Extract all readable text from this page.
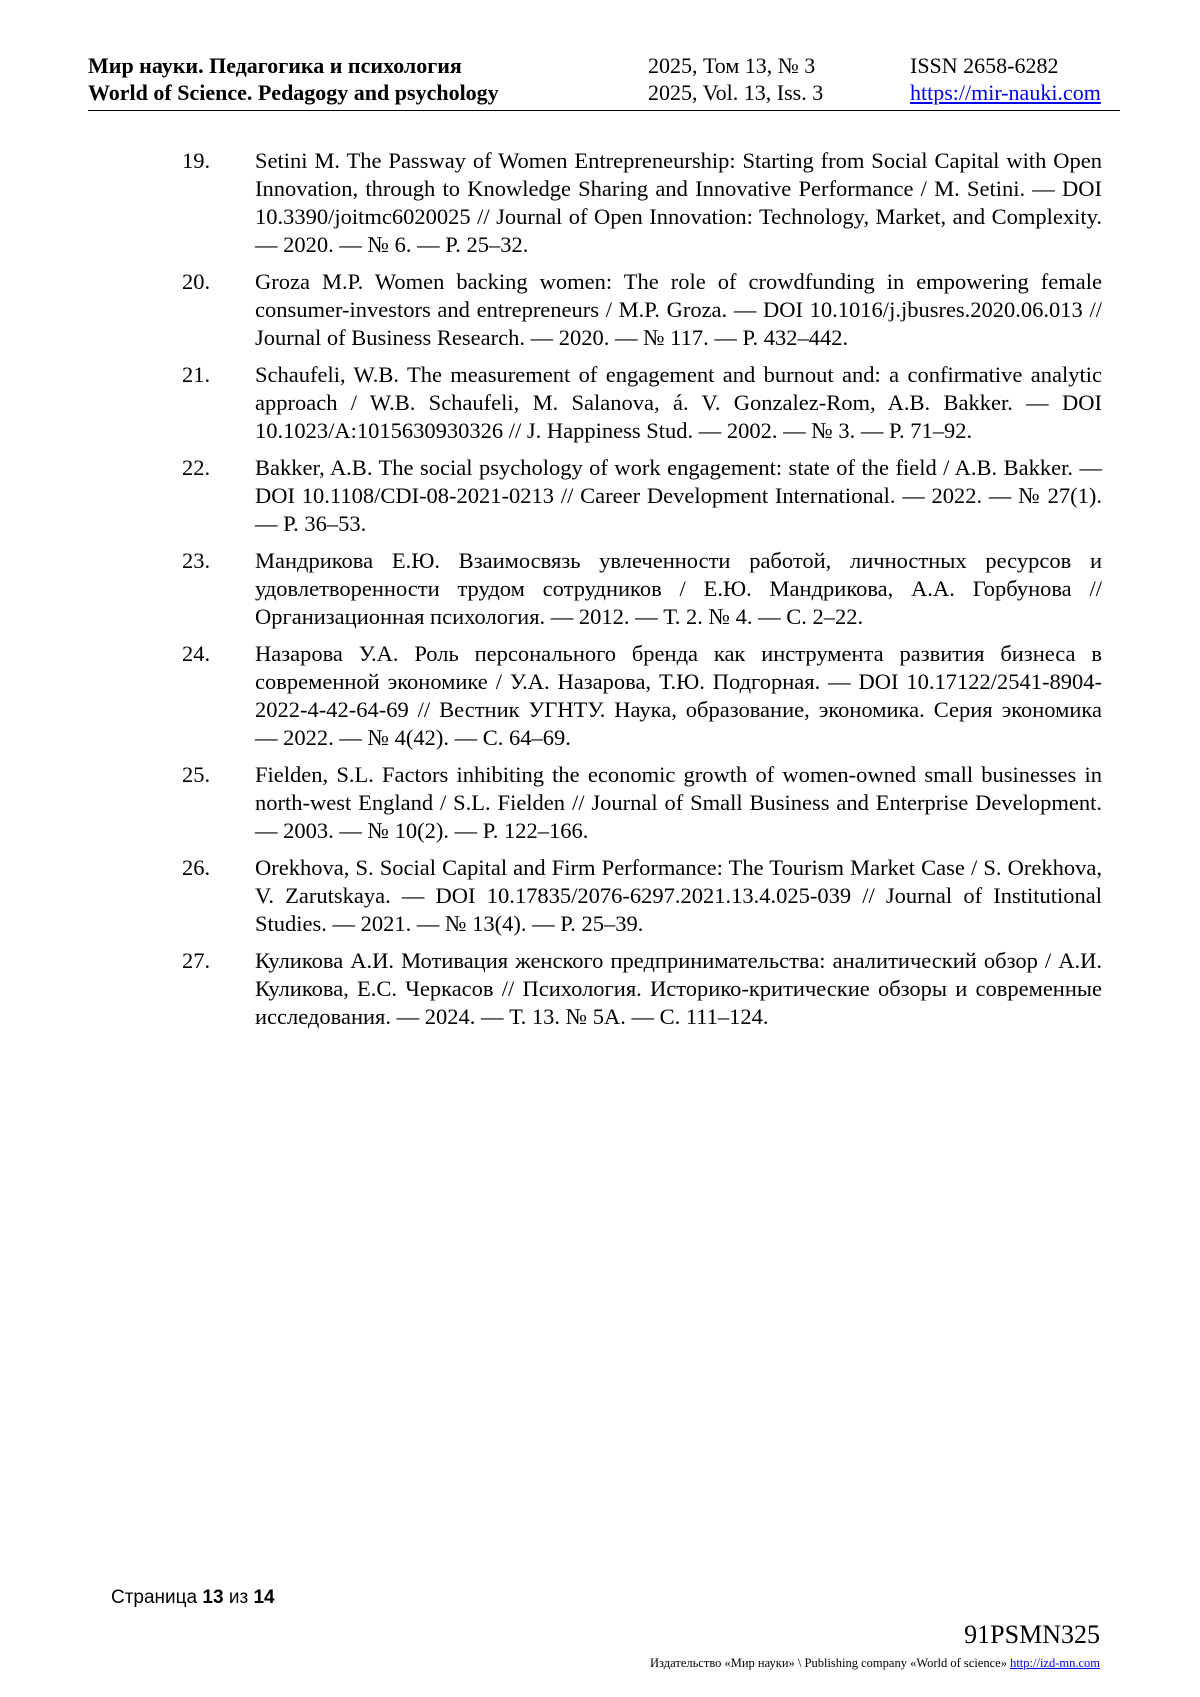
Мир науки. Педагогика и психология
World of Science. Pedagogy and psychology
2025, Том 13, № 3
2025, Vol. 13, Iss. 3
ISSN 2658-6282
https://mir-nauki.com
19. Setini M. The Passway of Women Entrepreneurship: Starting from Social Capital with Open Innovation, through to Knowledge Sharing and Innovative Performance / M. Setini. — DOI 10.3390/joitmc6020025 // Journal of Open Innovation: Technology, Market, and Complexity. — 2020. — № 6. — P. 25–32.
20. Groza M.P. Women backing women: The role of crowdfunding in empowering female consumer-investors and entrepreneurs / M.P. Groza. — DOI 10.1016/j.jbusres.2020.06.013 // Journal of Business Research. — 2020. — № 117. — P. 432–442.
21. Schaufeli, W.B. The measurement of engagement and burnout and: a confirmative analytic approach / W.B. Schaufeli, M. Salanova, á. V. Gonzalez-Rom, A.B. Bakker. — DOI 10.1023/A:1015630930326 // J. Happiness Stud. — 2002. — № 3. — P. 71–92.
22. Bakker, A.B. The social psychology of work engagement: state of the field / A.B. Bakker. — DOI 10.1108/CDI-08-2021-0213 // Career Development International. — 2022. — № 27(1). — P. 36–53.
23. Мандрикова Е.Ю. Взаимосвязь увлеченности работой, личностных ресурсов и удовлетворенности трудом сотрудников / Е.Ю. Мандрикова, А.А. Горбунова // Организационная психология. — 2012. — Т. 2. № 4. — С. 2–22.
24. Назарова У.А. Роль персонального бренда как инструмента развития бизнеса в современной экономике / У.А. Назарова, Т.Ю. Подгорная. — DOI 10.17122/2541-8904-2022-4-42-64-69 // Вестник УГНТУ. Наука, образование, экономика. Серия экономика — 2022. — № 4(42). — С. 64–69.
25. Fielden, S.L. Factors inhibiting the economic growth of women-owned small businesses in north-west England / S.L. Fielden // Journal of Small Business and Enterprise Development. — 2003. — № 10(2). — P. 122–166.
26. Orekhova, S. Social Capital and Firm Performance: The Tourism Market Case / S. Orekhova, V. Zarutskaya. — DOI 10.17835/2076-6297.2021.13.4.025-039 // Journal of Institutional Studies. — 2021. — № 13(4). — P. 25–39.
27. Куликова А.И. Мотивация женского предпринимательства: аналитический обзор / А.И. Куликова, Е.С. Черкасов // Психология. Историко-критические обзоры и современные исследования. — 2024. — Т. 13. № 5А. — С. 111–124.
Страница 13 из 14
91PSMN325
Издательство «Мир науки» \ Publishing company «World of science» http://izd-mn.com
